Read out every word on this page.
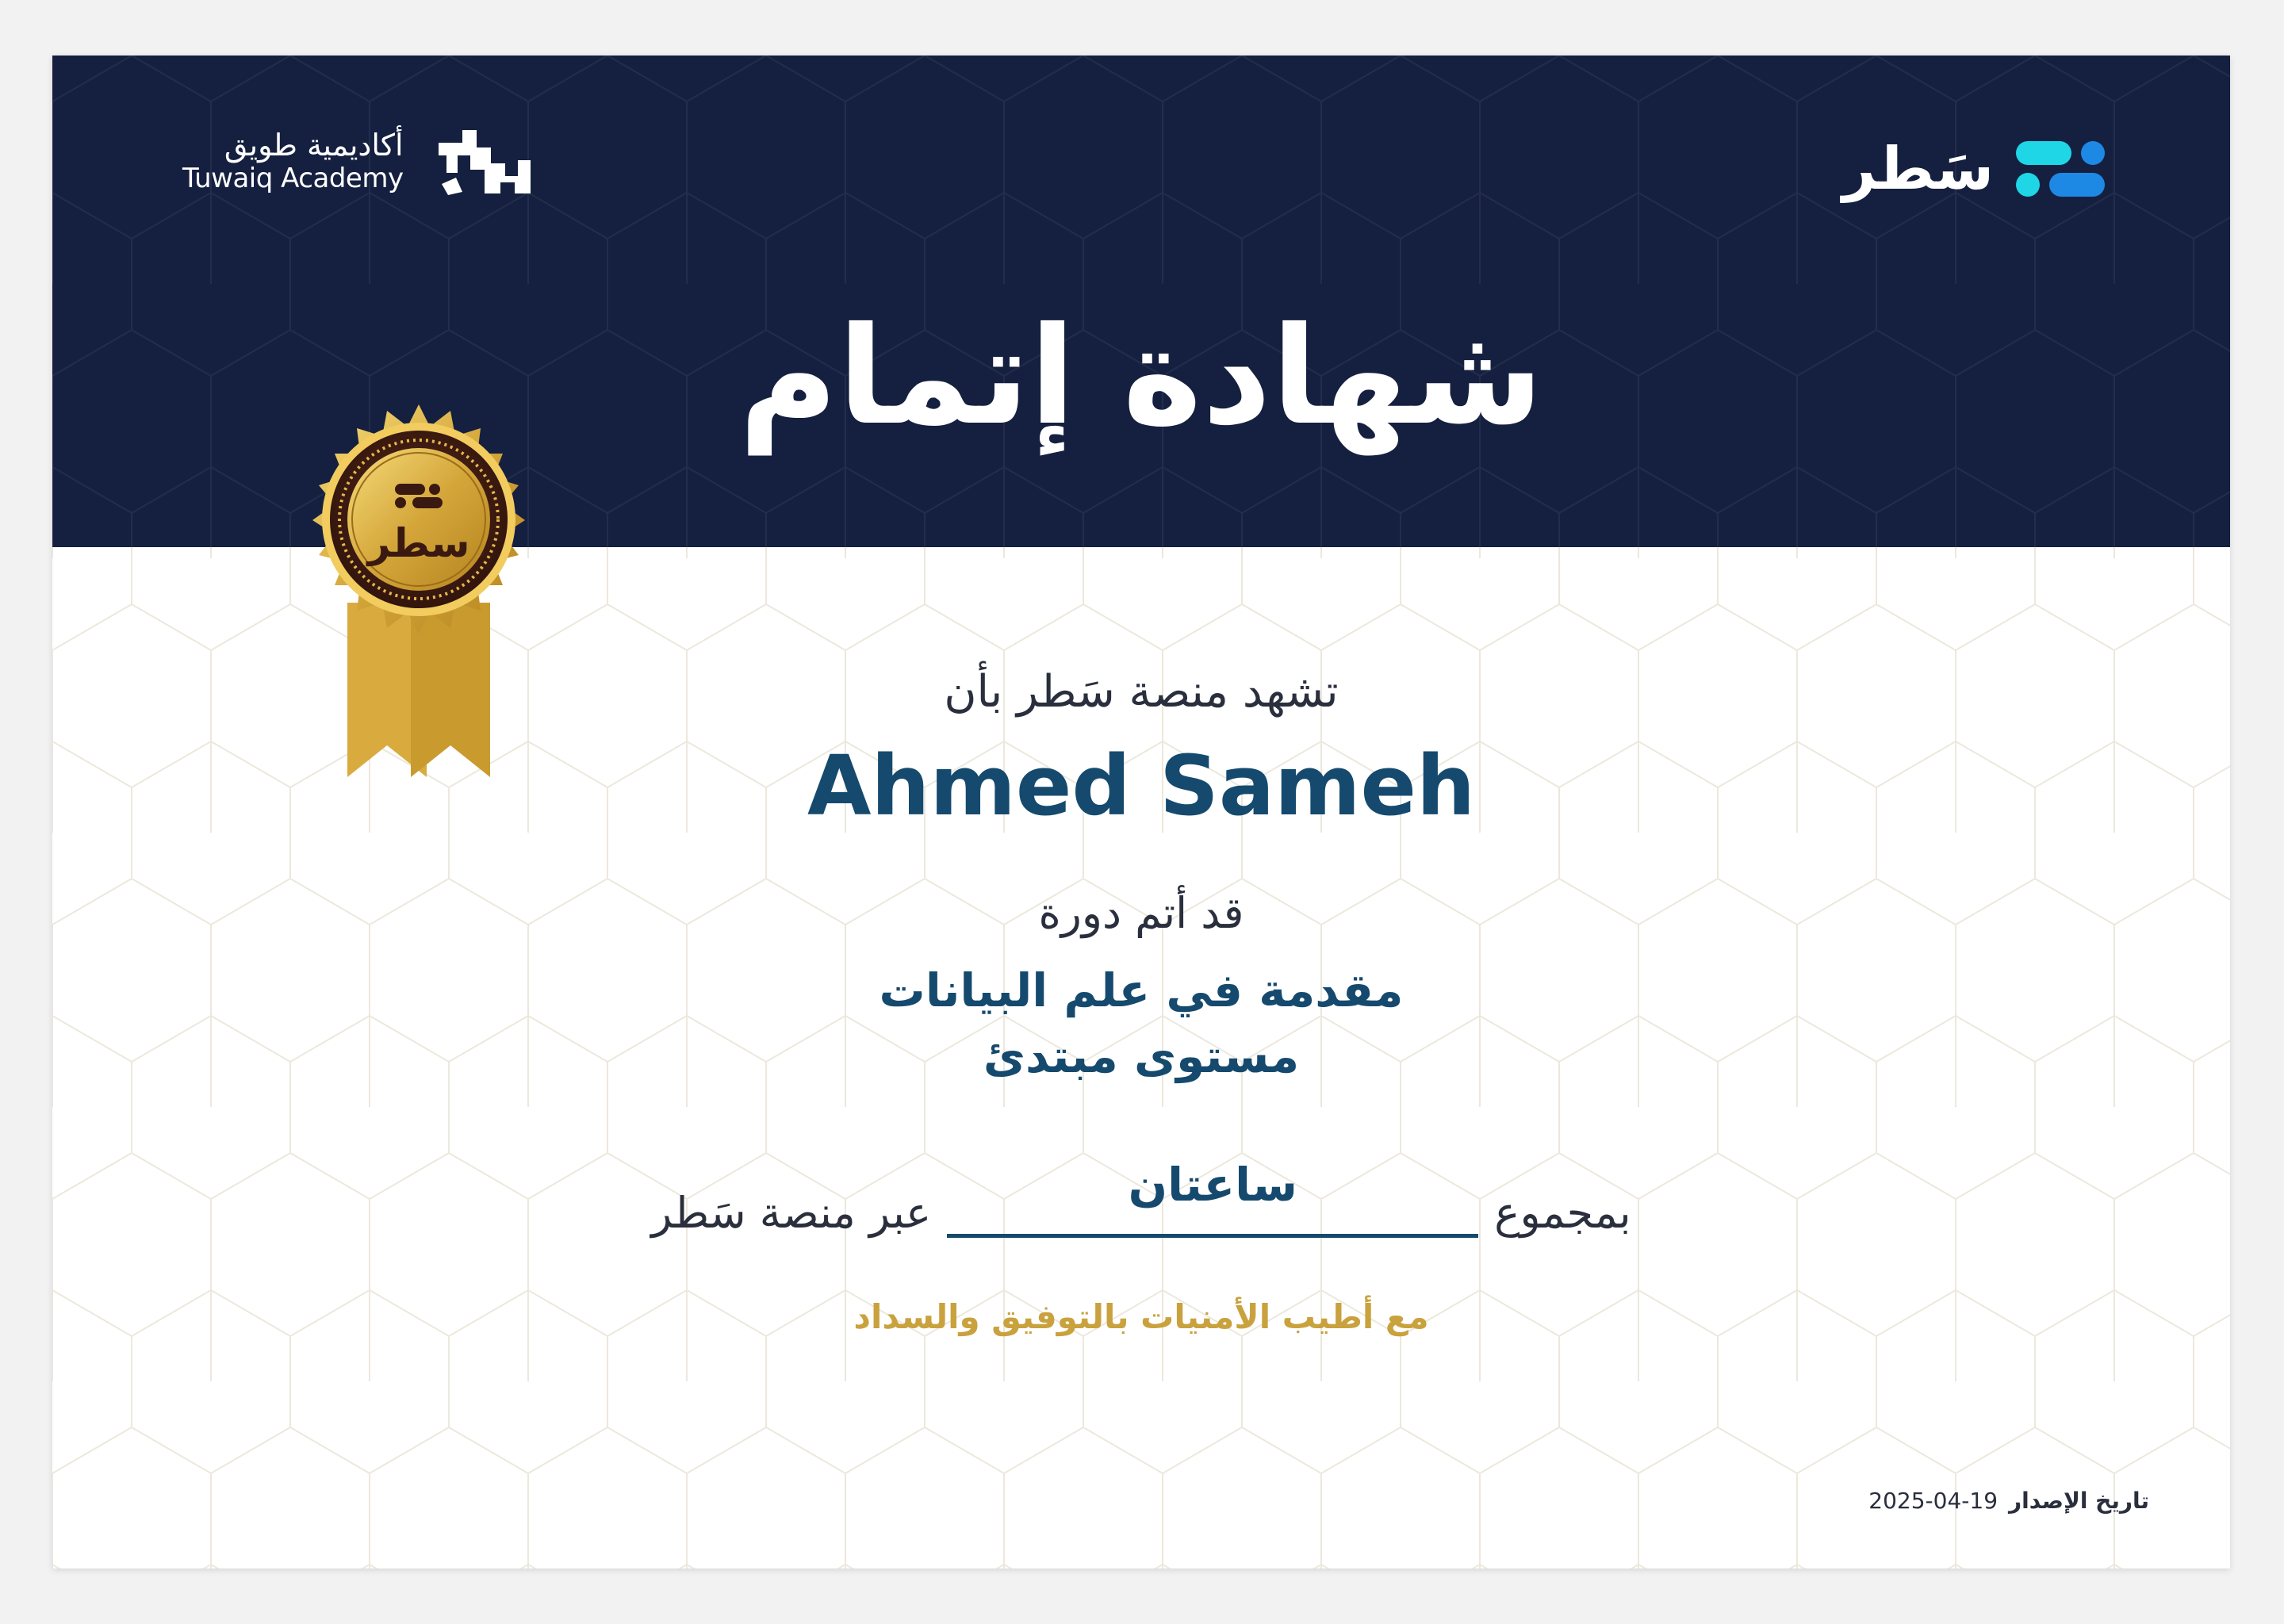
أكاديمية طويق
Tuwaiq Academy	سَطر
شهادة إتمام
سطر
تشهد منصة سَطر بأن
Ahmed Sameh
قد أتم دورة
مقدمة في علم البيانات
مستوى مبتدئ
بمجموع
ساعتان
عبر منصة سَطر
مع أطيب الأمنيات بالتوفيق والسداد
تاريخ الإصدار
2025-04-19
